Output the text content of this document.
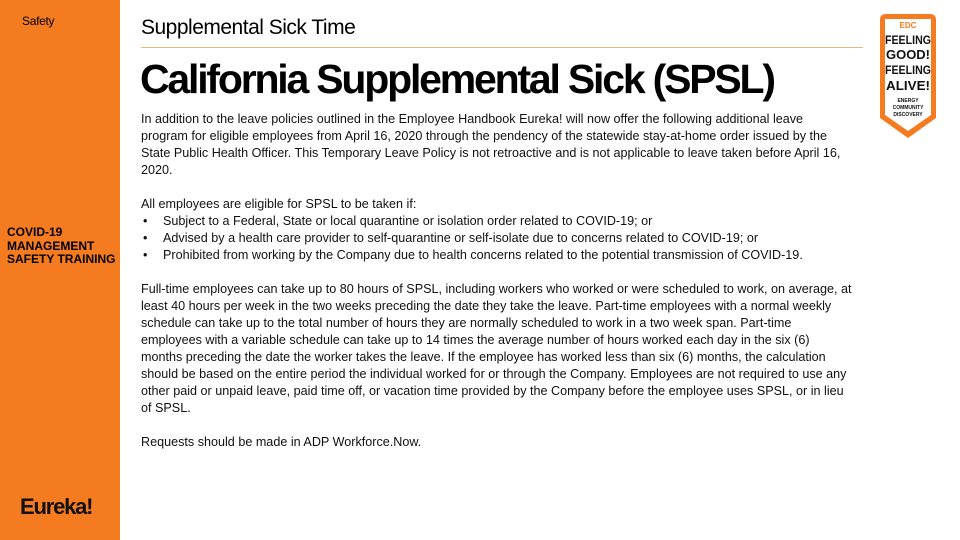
Safety
COVID-19 MANAGEMENT SAFETY TRAINING
Eureka!
Supplemental Sick Time
California Supplemental Sick (SPSL)

In addition to the leave policies outlined in the Employee Handbook Eureka! will now offer the following additional leave program for eligible employees from April 16, 2020 through the pendency of the statewide stay-at-home order issued by the State Public Health Officer. This Temporary Leave Policy is not retroactive and is not applicable to leave taken before April 16, 2020.

All employees are eligible for SPSL to be taken if:
• Subject to a Federal, State or local quarantine or isolation order related to COVID-19; or
• Advised by a health care provider to self-quarantine or self-isolate due to concerns related to COVID-19; or
• Prohibited from working by the Company due to health concerns related to the potential transmission of COVID-19.

Full-time employees can take up to 80 hours of SPSL, including workers who worked or were scheduled to work, on average, at least 40 hours per week in the two weeks preceding the date they take the leave. Part-time employees with a normal weekly schedule can take up to the total number of hours they are normally scheduled to work in a two week span. Part-time employees with a variable schedule can take up to 14 times the average number of hours worked each day in the six (6) months preceding the date the worker takes the leave. If the employee has worked less than six (6) months, the calculation should be based on the entire period the individual worked for or through the Company. Employees are not required to use any other paid or unpaid leave, paid time off, or vacation time provided by the Company before the employee uses SPSL, or in lieu of SPSL.

Requests should be made in ADP Workforce.Now.

EDC
FEELING
GOOD!
FEELING
ALIVE!
ENERGY
COMMUNITY
DISCOVERY
